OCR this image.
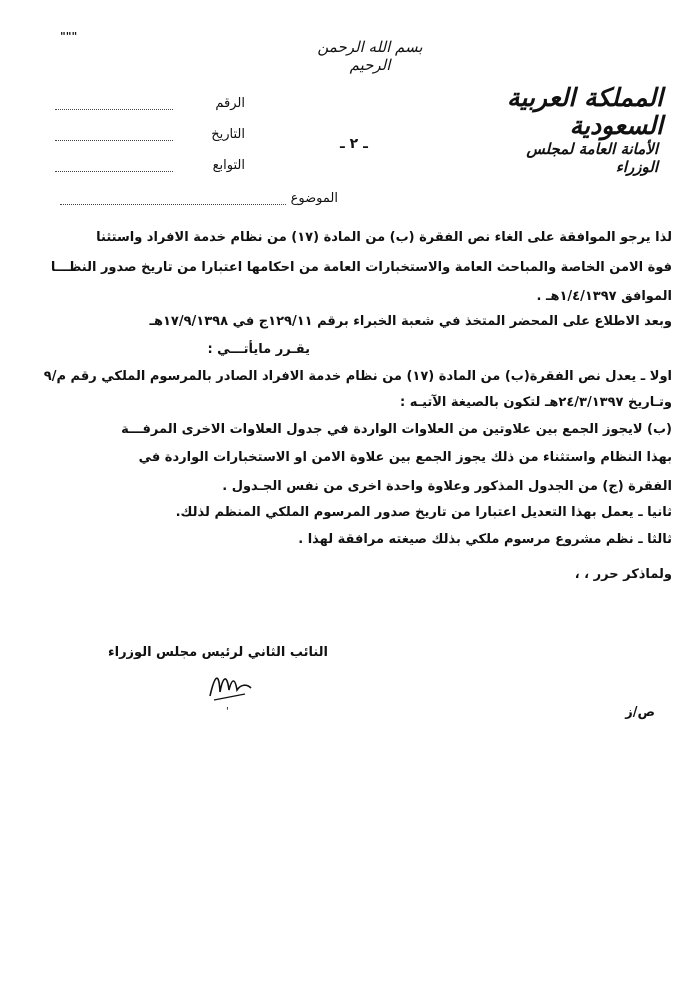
"""
بسم الله الرحمن الرحيم
المملكة العربية السعودية
الأمانة العامة لمجلس الوزراء
ـ ٢ ـ
الرقم
التاريخ
التوابع
الموضوع
لذا يرجو الموافقة على الغاء نص الفقرة (ب) من المادة (١٧) من نظام خدمة الافراد واستثنا
فوة الامن الخاصة والمباحث العامة والاستخبارات العامة من احكامها اعتبارا من تاريخ صدور النظـــا
الموافق ١/٤/١٣٩٧هـ .
وبعد الاطلاع على المحضر المتخذ في شعبة الخبراء برقم ١٢٩/١١ج في ١٧/٩/١٣٩٨هـ
يقـرر مايأتـــي :
اولا ـ يعدل نص الفقرة(ب) من المادة (١٧) من نظام خدمة الافراد الصادر بالمرسوم الملكي رقم م/٩
وتـاريخ ٢٤/٣/١٣٩٧هـ لتكون بالصيغة الآتيـه :
(ب) لايجوز الجمع بين علاوتين من العلاوات الواردة في جدول العلاوات الاخرى المرفـــة
بهذا النظام واستثناء من ذلك يجوز الجمع بين علاوة الامن او الاستخبارات الواردة في
الفقرة (ج) من الجدول المذكور وعلاوة واحدة اخرى من نفس الجـدول .
ثانيا ـ يعمل بهذا التعديل اعتبارا من تاريخ صدور المرسوم الملكي المنظم لذلك.
ثالثا ـ نظم مشروع مرسوم ملكي بذلك صيغته مرافقة لهذا .
ولماذكر حرر ، ،
النائب الثاني لرئيس مجلس الوزراء
'	ص/ز
